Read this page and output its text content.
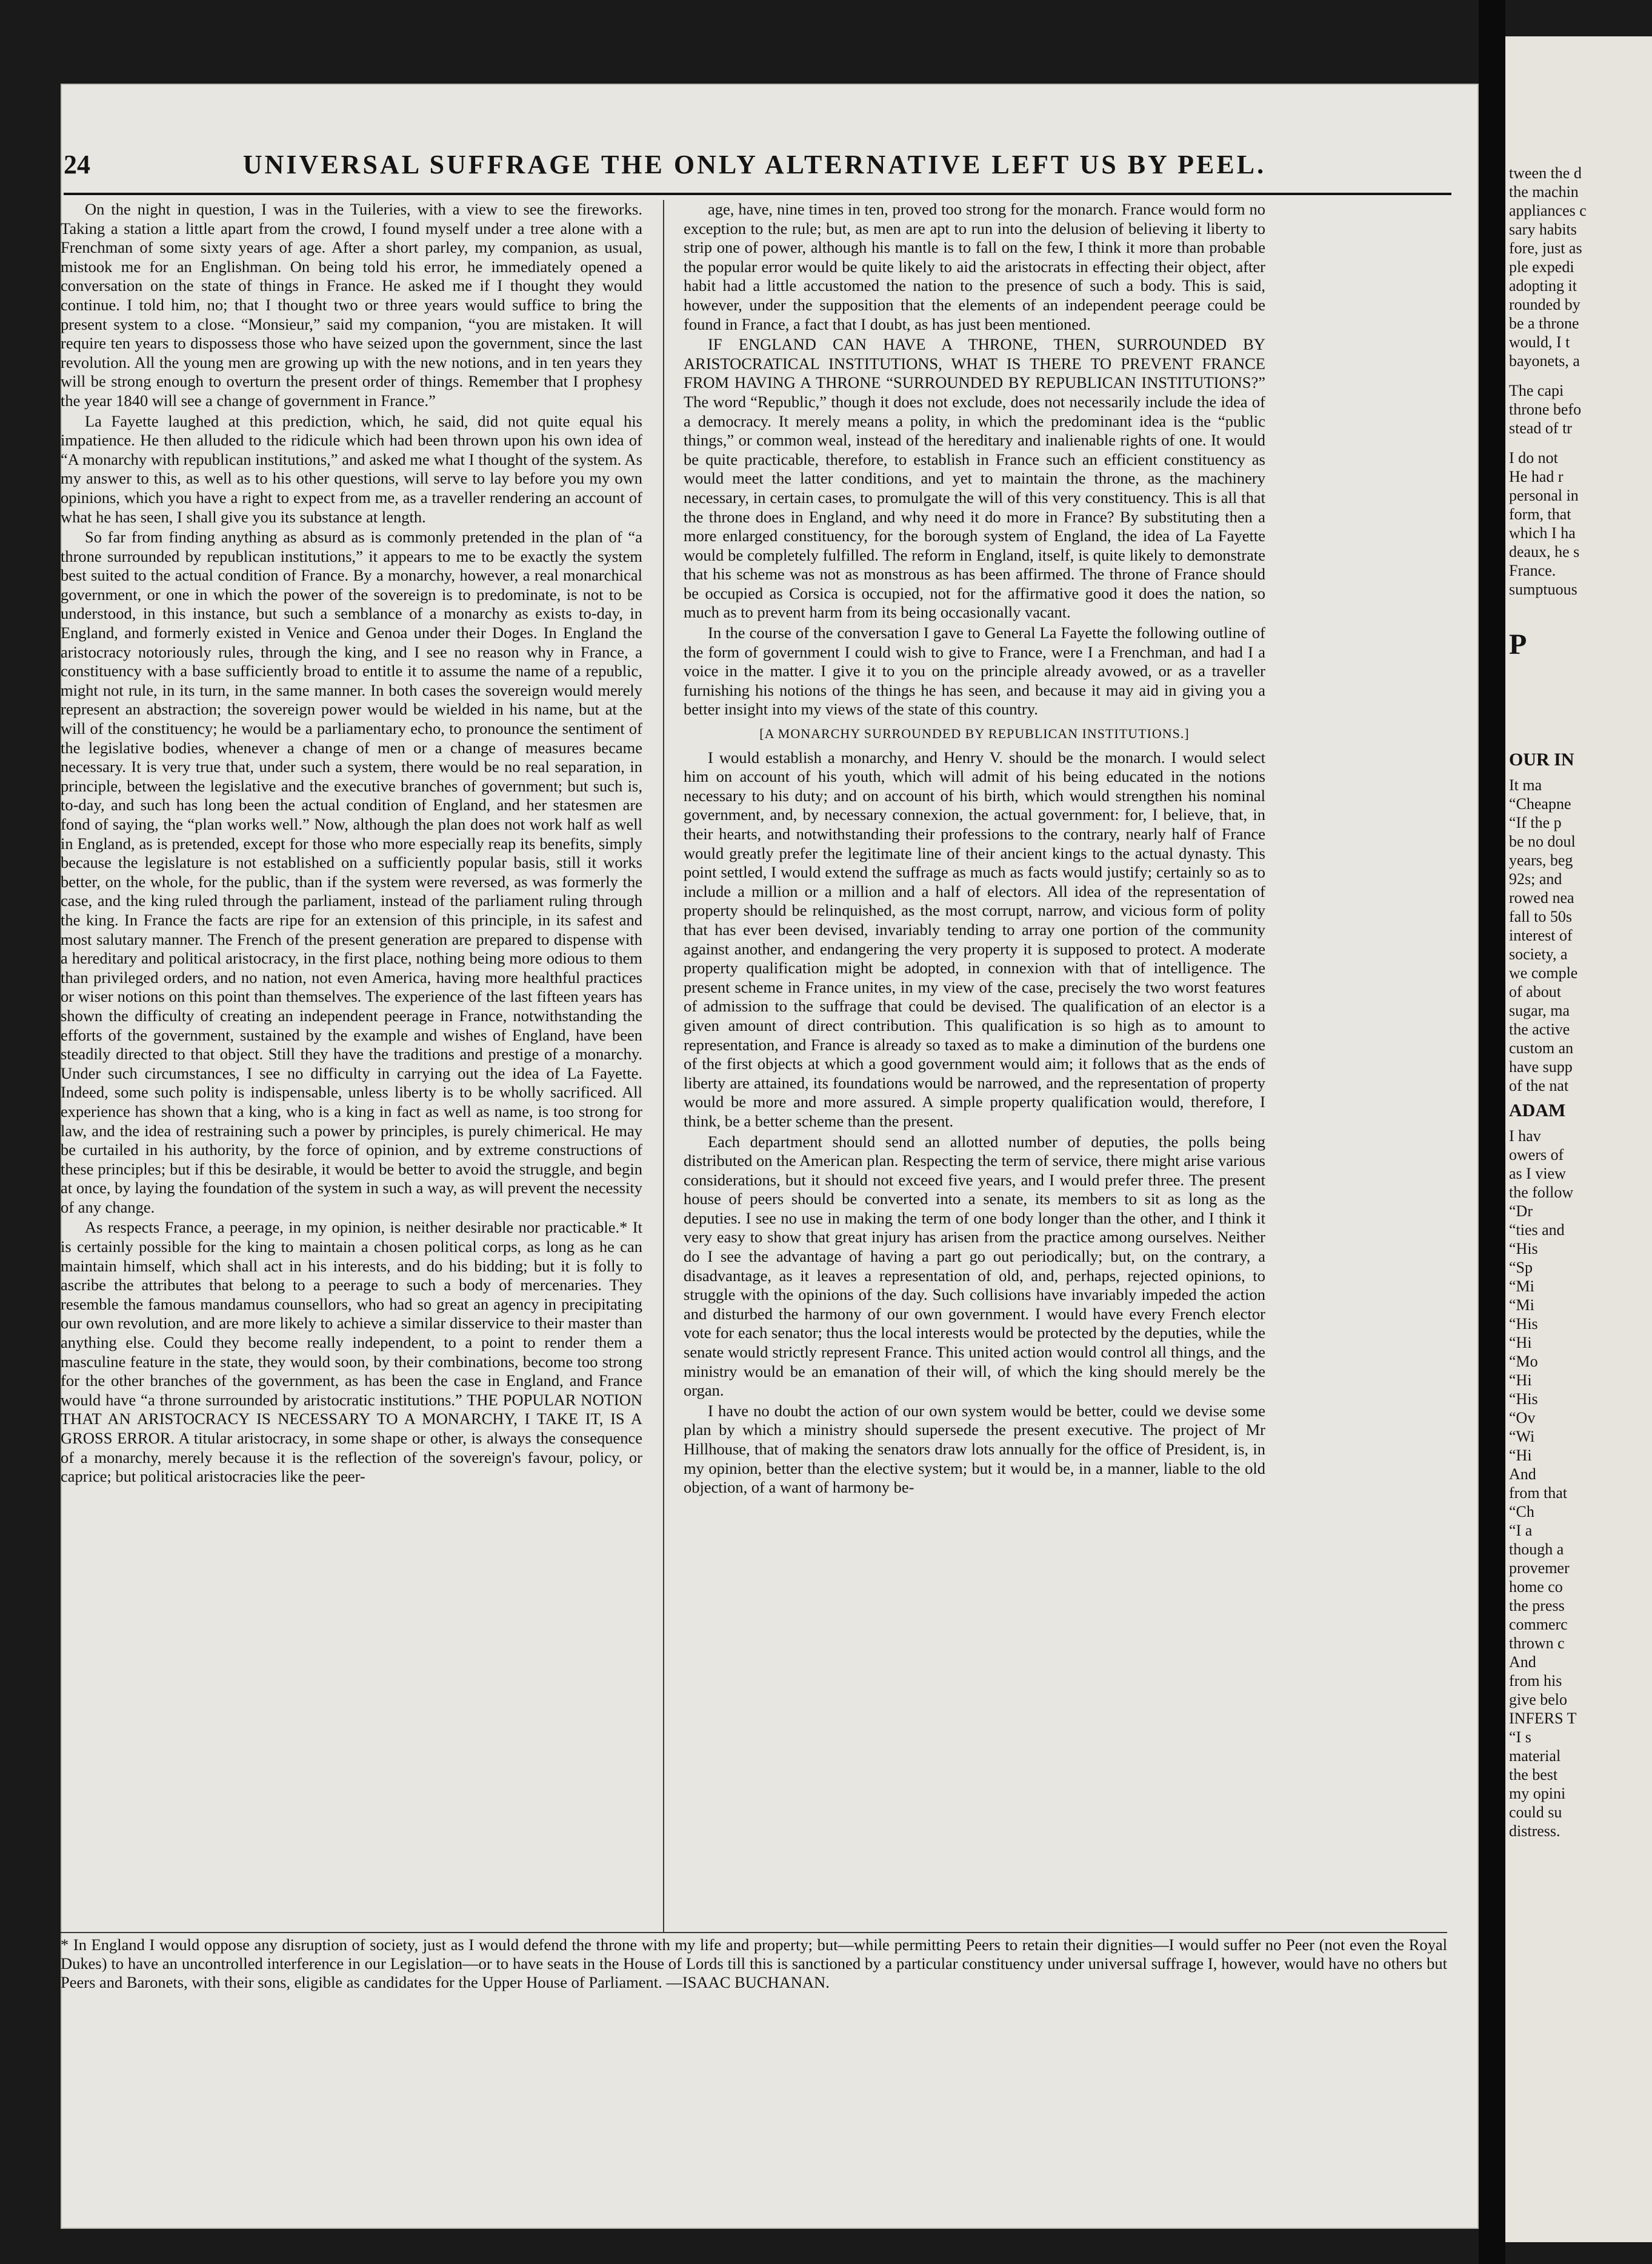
24	UNIVERSAL SUFFRAGE THE ONLY ALTERNATIVE LEFT US BY PEEL.

On the night in question, I was in the Tuileries, with a view to see the fireworks. Taking a station a little apart from the crowd, I found myself under a tree alone with a Frenchman of some sixty years of age. After a short parley, my companion, as usual, mistook me for an Englishman. On being told his error, he immediately opened a conversation on the state of things in France. He asked me if I thought they would continue. I told him, no; that I thought two or three years would suffice to bring the present system to a close. “Monsieur,” said my companion, “you are mistaken. It will require ten years to dispossess those who have seized upon the government, since the last revolution. All the young men are growing up with the new notions, and in ten years they will be strong enough to overturn the present order of things. Remember that I prophesy the year 1840 will see a change of government in France.”

La Fayette laughed at this prediction, which, he said, did not quite equal his impatience. He then alluded to the ridicule which had been thrown upon his own idea of “A monarchy with republican institutions,” and asked me what I thought of the system. As my answer to this, as well as to his other questions, will serve to lay before you my own opinions, which you have a right to expect from me, as a traveller rendering an account of what he has seen, I shall give you its substance at length.

So far from finding anything as absurd as is commonly pretended in the plan of “a throne surrounded by republican institutions,” it appears to me to be exactly the system best suited to the actual condition of France. By a monarchy, however, a real monarchical government, or one in which the power of the sovereign is to predominate, is not to be understood, in this instance, but such a semblance of a monarchy as exists to-day, in England, and formerly existed in Venice and Genoa under their Doges. In England the aristocracy notoriously rules, through the king, and I see no reason why in France, a constituency with a base sufficiently broad to entitle it to assume the name of a republic, might not rule, in its turn, in the same manner. In both cases the sovereign would merely represent an abstraction; the sovereign power would be wielded in his name, but at the will of the constituency; he would be a parliamentary echo, to pronounce the sentiment of the legislative bodies, whenever a change of men or a change of measures became necessary. It is very true that, under such a system, there would be no real separation, in principle, between the legislative and the executive branches of government; but such is, to-day, and such has long been the actual condition of England, and her statesmen are fond of saying, the “plan works well.” Now, although the plan does not work half as well in England, as is pretended, except for those who more especially reap its benefits, simply because the legislature is not established on a sufficiently popular basis, still it works better, on the whole, for the public, than if the system were reversed, as was formerly the case, and the king ruled through the parliament, instead of the parliament ruling through the king. In France the facts are ripe for an extension of this principle, in its safest and most salutary manner. The French of the present generation are prepared to dispense with a hereditary and political aristocracy, in the first place, nothing being more odious to them than privileged orders, and no nation, not even America, having more healthful practices or wiser notions on this point than themselves. The experience of the last fifteen years has shown the difficulty of creating an independent peerage in France, notwithstanding the efforts of the government, sustained by the example and wishes of England, have been steadily directed to that object. Still they have the traditions and prestige of a monarchy. Under such circumstances, I see no difficulty in carrying out the idea of La Fayette. Indeed, some such polity is indispensable, unless liberty is to be wholly sacrificed. All experience has shown that a king, who is a king in fact as well as name, is too strong for law, and the idea of restraining such a power by principles, is purely chimerical. He may be curtailed in his authority, by the force of opinion, and by extreme constructions of these principles; but if this be desirable, it would be better to avoid the struggle, and begin at once, by laying the foundation of the system in such a way, as will prevent the necessity of any change.

As respects France, a peerage, in my opinion, is neither desirable nor practicable.* It is certainly possible for the king to maintain a chosen political corps, as long as he can maintain himself, which shall act in his interests, and do his bidding; but it is folly to ascribe the attributes that belong to a peerage to such a body of mercenaries. They resemble the famous mandamus counsellors, who had so great an agency in precipitating our own revolution, and are more likely to achieve a similar disservice to their master than anything else. Could they become really independent, to a point to render them a masculine feature in the state, they would soon, by their combinations, become too strong for the other branches of the government, as has been the case in England, and France would have “a throne surrounded by aristocratic institutions.” THE POPULAR NOTION THAT AN ARISTOCRACY IS NECESSARY TO A MONARCHY, I TAKE IT, IS A GROSS ERROR. A titular aristocracy, in some shape or other, is always the consequence of a monarchy, merely because it is the reflection of the sovereign's favour, policy, or caprice; but political aristocracies like the peer-

age, have, nine times in ten, proved too strong for the monarch. France would form no exception to the rule; but, as men are apt to run into the delusion of believing it liberty to strip one of power, although his mantle is to fall on the few, I think it more than probable the popular error would be quite likely to aid the aristocrats in effecting their object, after habit had a little accustomed the nation to the presence of such a body. This is said, however, under the supposition that the elements of an independent peerage could be found in France, a fact that I doubt, as has just been mentioned.

IF ENGLAND CAN HAVE A THRONE, THEN, SURROUNDED BY ARISTOCRATICAL INSTITUTIONS, WHAT IS THERE TO PREVENT FRANCE FROM HAVING A THRONE “SURROUNDED BY REPUBLICAN INSTITUTIONS?” The word “Republic,” though it does not exclude, does not necessarily include the idea of a democracy. It merely means a polity, in which the predominant idea is the “public things,” or common weal, instead of the hereditary and inalienable rights of one. It would be quite practicable, therefore, to establish in France such an efficient constituency as would meet the latter conditions, and yet to maintain the throne, as the machinery necessary, in certain cases, to promulgate the will of this very constituency. This is all that the throne does in England, and why need it do more in France? By substituting then a more enlarged constituency, for the borough system of England, the idea of La Fayette would be completely fulfilled. The reform in England, itself, is quite likely to demonstrate that his scheme was not as monstrous as has been affirmed. The throne of France should be occupied as Corsica is occupied, not for the affirmative good it does the nation, so much as to prevent harm from its being occasionally vacant.

In the course of the conversation I gave to General La Fayette the following outline of the form of government I could wish to give to France, were I a Frenchman, and had I a voice in the matter. I give it to you on the principle already avowed, or as a traveller furnishing his notions of the things he has seen, and because it may aid in giving you a better insight into my views of the state of this country.

[A MONARCHY SURROUNDED BY REPUBLICAN INSTITUTIONS.]

I would establish a monarchy, and Henry V. should be the monarch. I would select him on account of his youth, which will admit of his being educated in the notions necessary to his duty; and on account of his birth, which would strengthen his nominal government, and, by necessary connexion, the actual government: for, I believe, that, in their hearts, and notwithstanding their professions to the contrary, nearly half of France would greatly prefer the legitimate line of their ancient kings to the actual dynasty. This point settled, I would extend the suffrage as much as facts would justify; certainly so as to include a million or a million and a half of electors. All idea of the representation of property should be relinquished, as the most corrupt, narrow, and vicious form of polity that has ever been devised, invariably tending to array one portion of the community against another, and endangering the very property it is supposed to protect. A moderate property qualification might be adopted, in connexion with that of intelligence. The present scheme in France unites, in my view of the case, precisely the two worst features of admission to the suffrage that could be devised. The qualification of an elector is a given amount of direct contribution. This qualification is so high as to amount to representation, and France is already so taxed as to make a diminution of the burdens one of the first objects at which a good government would aim; it follows that as the ends of liberty are attained, its foundations would be narrowed, and the representation of property would be more and more assured. A simple property qualification would, therefore, I think, be a better scheme than the present.

Each department should send an allotted number of deputies, the polls being distributed on the American plan. Respecting the term of service, there might arise various considerations, but it should not exceed five years, and I would prefer three. The present house of peers should be converted into a senate, its members to sit as long as the deputies. I see no use in making the term of one body longer than the other, and I think it very easy to show that great injury has arisen from the practice among ourselves. Neither do I see the advantage of having a part go out periodically; but, on the contrary, a disadvantage, as it leaves a representation of old, and, perhaps, rejected opinions, to struggle with the opinions of the day. Such collisions have invariably impeded the action and disturbed the harmony of our own government. I would have every French elector vote for each senator; thus the local interests would be protected by the deputies, while the senate would strictly represent France. This united action would control all things, and the ministry would be an emanation of their will, of which the king should merely be the organ.

I have no doubt the action of our own system would be better, could we devise some plan by which a ministry should supersede the present executive. The project of Mr Hillhouse, that of making the senators draw lots annually for the office of President, is, in my opinion, better than the elective system; but it would be, in a manner, liable to the old objection, of a want of harmony be-

* In England I would oppose any disruption of society, just as I would defend the throne with my life and property; but—while permitting Peers to retain their dignities—I would suffer no Peer (not even the Royal Dukes) to have an uncontrolled interference in our Legislation—or to have seats in the House of Lords till this is sanctioned by a particular constituency under universal suffrage I, however, would have no others but Peers and Baronets, with their sons, eligible as candidates for the Upper House of Parliament. —ISAAC BUCHANAN.

tween the d

the machin

appliances c

sary habits

fore, just as

ple expedi

adopting it

rounded by

be a throne

would, I t

bayonets, a

The capi

throne befo

stead of tr

I do not

He had r

personal in

form, that

which I ha

deaux, he s

France.

sumptuous

P

OUR IN

It ma

“Cheapne

“If the p

be no doul

years, beg

92s; and

rowed nea

fall to 50s

interest of

society, a

we comple

of about

sugar, ma

the active

custom an

have supp

of the nat

ADAM

I hav

owers of

as I view

the follow

“Dr

“ties and

“His

“Sp

“Mi

“Mi

“His

“Hi

“Mo

“Hi

“His

“Ov

“Wi

“Hi

And

from that

“Ch

“I a

though a

provemer

home co

the press

commerc

thrown c

And

from his

give belo

INFERS T

“I s

material

the best

my opini

could su

distress.
